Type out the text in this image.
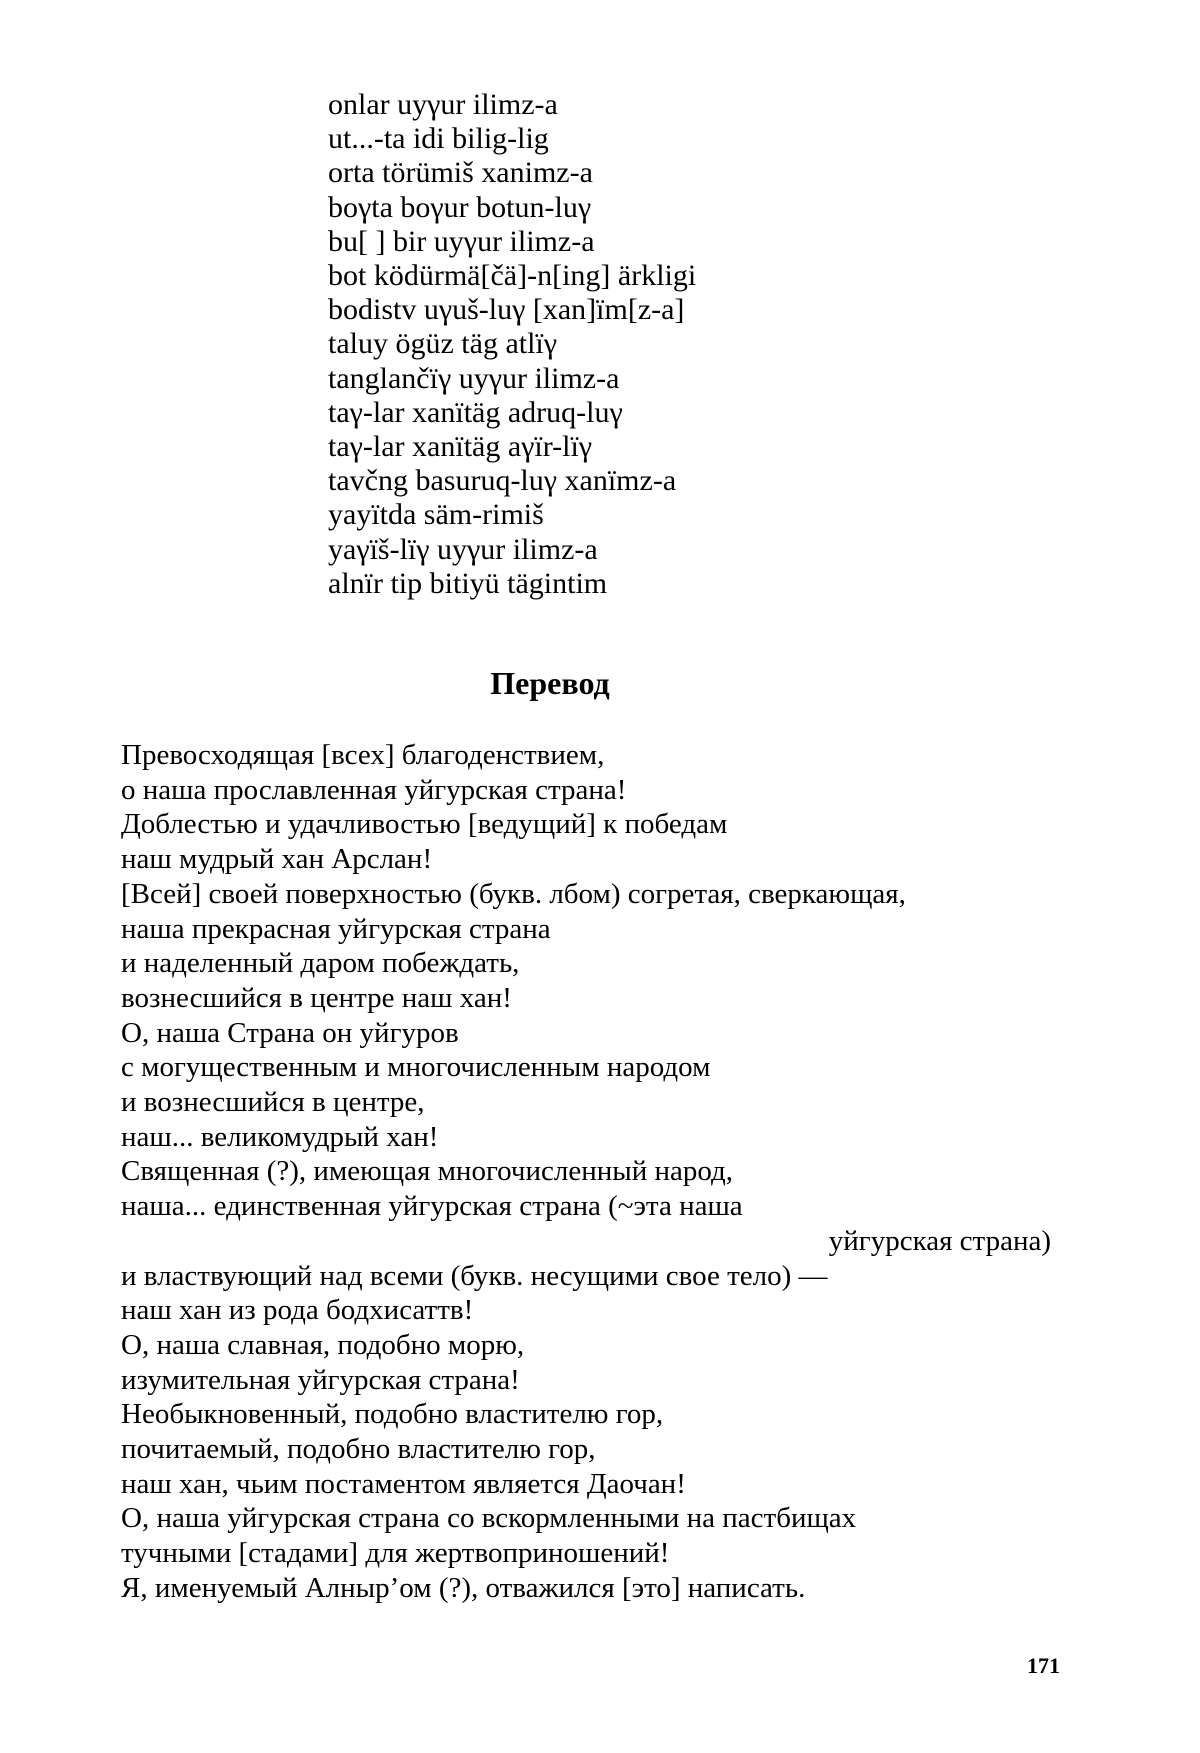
onlar uyγur ilimz-a
ut...-ta idi bilig-lig
orta törümiš xanimz-a
boγta boγur botun-luγ
bu[ ] bir uyγur ilimz-a
bot ködürmä[čä]-n[ing] ärkligi
bodistv uγuš-luγ [xan]ïm[z-a]
taluy ögüz täg atlïγ
tanglančïγ uyγur ilimz-a
taγ-lar xanïtäg adruq-luγ
taγ-lar xanïtäg aγïr-lïγ
tavčng basuruq-luγ xanïmz-a
yayïtda säm-rimiš
yaγïš-lïγ uyγur ilimz-a
alnïr tip bitiyü tägintim
Перевод
Превосходящая [всех] благоденствием,
о наша прославленная уйгурская страна!
Доблестью и удачливостью [ведущий] к победам
наш мудрый хан Арслан!
[Всей] своей поверхностью (букв. лбом) согретая, сверкающая,
наша прекрасная уйгурская страна
и наделенный даром побеждать,
вознесшийся в центре наш хан!
О, наша Страна он уйгуров
с могущественным и многочисленным народом
и вознесшийся в центре,
наш... великомудрый хан!
Священная (?), имеющая многочисленный народ,
наша... единственная уйгурская страна (~эта наша
уйгурская страна)
и властвующий над всеми (букв. несущими свое тело) —
наш хан из рода бодхисаттв!
О, наша славная, подобно морю,
изумительная уйгурская страна!
Необыкновенный, подобно властителю гор,
почитаемый, подобно властителю гор,
наш хан, чьим постаментом является Даочан!
О, наша уйгурская страна со вскормленными на пастбищах
тучными [стадами] для жертвоприношений!
Я, именуемый Алныр’ом (?), отважился [это] написать.
171
